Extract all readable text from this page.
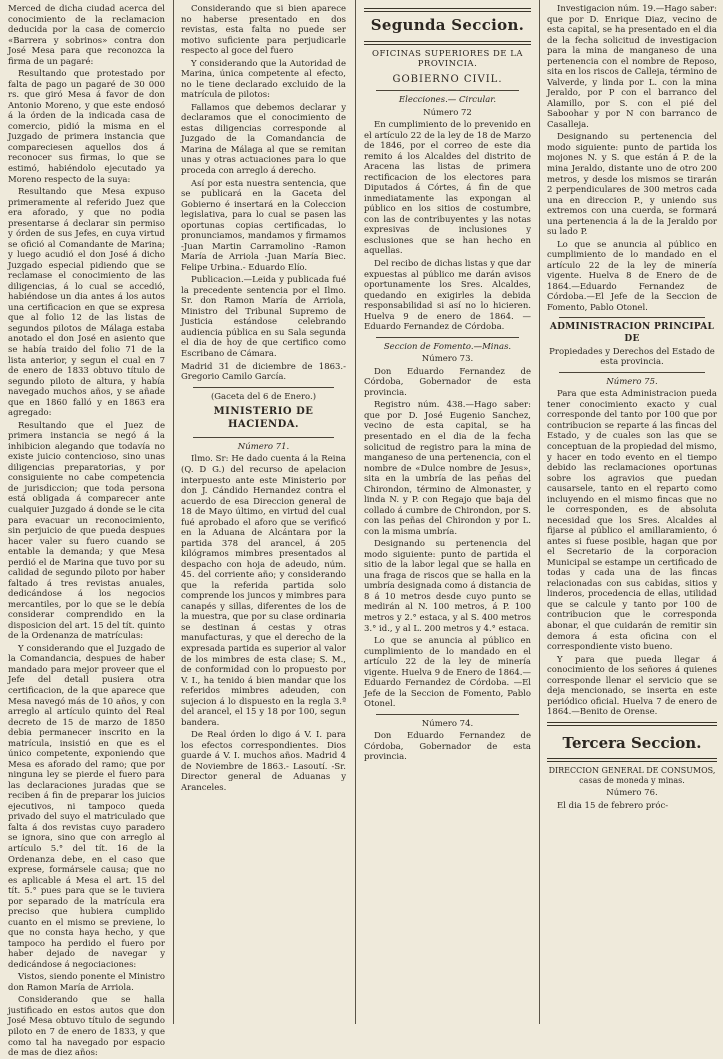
Merced de dicha ciudad acerca del conocimiento de la reclamacion deducida por la casa de comercio «Barrera y sobrinos» contra don José Mesa para que reconozca la firma de un pagaré:

Resultando que protestado por falta de pago un pagaré de 30 000 rs. que giró Mesa á favor de don Antonio Moreno, y que este endosó á la órden de la indicada casa de comercio, pidió la misma en el Juzgado de primera instancia que compareciesen aquellos dos á reconocer sus firmas, lo que se estimó, habiéndolo ejecutado ya Moreno respecto de la suya:

Resultando que Mesa expuso primeramente al referido Juez que era aforado, y que no podia presentarse á declarar sin permiso y órden de sus Jefes, en cuya virtud se ofició al Comandante de Marina; y luego acudió el don José á dicho Juzgado especial pidiendo que se reclamase el conocimiento de las diligencias, á lo cual se accedió, habiéndose un dia antes á los autos una certificacion en que se expresa que al folio 12 de las listas de segundos pilotos de Málaga estaba anotado el don José en asiento que se había traido del folio 71 de la lista anterior, y segun el cual en 7 de enero de 1833 obtuvo título de segundo piloto de altura, y había navegado muchos años, y se añade que en 1860 falló y en 1863 era agregado:

Resultando que el Juez de primera instancia se negó á la inhibicion alegando que todavía no existe juicio contencioso, sino unas diligencias preparatorias, y por consiguiente no cabe competencia de jurisdiccion; que toda persona está obligada á comparecer ante cualquier Juzgado á donde se le cita para evacuar un reconocimiento, sin perjuicio de que pueda despues hacer valer su fuero cuando se entable la demanda; y que Mesa perdió el de Marina que tuvo por su calidad de segundo piloto por haber faltado á tres revistas anuales, dedicándose á los negocios mercantiles, por lo que se le debía considerar comprendido en la disposicion del art. 15 del tít. quinto de la Ordenanza de matrículas:

Y considerando que el Juzgado de la Comandancia, despues de haber mandado para mejor proveer que el Jefe del detall pusiera otra certificacion, de la que aparece que Mesa navegó más de 10 años, y con arreglo al artículo quinto del Real decreto de 15 de marzo de 1850 debia permanecer inscrito en la matrícula, insistió en que es el único competente, exponiendo que Mesa es aforado del ramo; que por ninguna ley se pierde el fuero para las declaraciones juradas que se reciben á fin de preparar los juicios ejecutivos, ni tampoco queda privado del suyo el matriculado que falta á dos revistas cuyo paradero se ignora, sino que con arreglo al artículo 5.° del tít. 16 de la Ordenanza debe, en el caso que exprese, formársele causa; que no es aplicable á Mesa el art. 15 del tít. 5.° pues para que se le tuviera por separado de la matrícula era preciso que hubiera cumplido cuanto en el mismo se previene, lo que no consta haya hecho, y que tampoco ha perdido el fuero por haber dejado de navegar y dedicándose á negociaciones:

Vistos, siendo ponente el Ministro don Ramon María de Arriola.

Considerando que se halla justificado en estos autos que don José Mesa obtuvo título de segundo piloto en 7 de enero de 1833, y que como tal ha navegado por espacio de mas de diez años:

Considerando que si bien aparece no haberse presentado en dos revistas, esta falta no puede ser motivo suficiente para perjudicarle respecto al goce del fuero

Y considerando que la Autoridad de Marina, única competente al efecto, no le tiene declarado excluido de la matrícula de pilotos:

Fallamos que debemos declarar y declaramos que el conocimiento de estas diligencias corresponde al Juzgado de la Comandancia de Marina de Málaga al que se remitan unas y otras actuaciones para lo que proceda con arreglo á derecho.

Así por esta nuestra sentencia, que se publicará en la Gaceta del Gobierno é insertará en la Coleccion legislativa, para lo cual se pasen las oportunas copias certificadas, lo pronunciamos, mandamos y firmamos -Juan Martin Carramolino -Ramon María de Arriola -Juan María Biec. Felipe Urbina.- Eduardo Elío.

Publicacion.—Leida y publicada fué la precedente sentencia por el Ilmo. Sr. don Ramon María de Arriola, Ministro del Tribunal Supremo de Justicia estándose celebrando audiencia pública en su Sala segunda el dia de hoy de que certifico como Escribano de Cámara.

Madrid 31 de diciembre de 1863.- Gregorio Camilo García.

(Gaceta del 6 de Enero.)

MINISTERIO DE HACIENDA.

Número 71.

Ilmo. Sr: He dado cuenta á la Reina (Q. D G.) del recurso de apelacion interpuesto ante este Ministerio por don J. Cándido Hernandez contra el acuerdo de esa Direccion general de 18 de Mayo último, en virtud del cual fué aprobado el aforo que se verificó en la Aduana de Alcántara por la partida 378 del arancel, á 205 kilógramos mimbres presentados al despacho con hoja de adeudo, núm. 45. del corriente año; y considerando que la referida partida solo comprende los juncos y mimbres para canapés y sillas, diferentes de los de la muestra, que por su clase ordinaria se destinan á cestas y otras manufacturas, y que el derecho de la expresada partida es superior al valor de los mimbres de esta clase; S. M., de conformidad con lo propuesto por V. I., ha tenido á bien mandar que los referidos mimbres adeuden, con sujecion á lo dispuesto en la regla 3.ª del arancel, el 15 y 18 por 100, segun bandera.

De Real órden lo digo á V. I. para los efectos correspondientes. Dios guarde á V. I. muchos años. Madrid 4 de Noviembre de 1863.- Lasoutí. -Sr. Director general de Aduanas y Aranceles.

Segunda Seccion.
OFICINAS SUPERIORES DE LA PROVINCIA.
GOBIERNO CIVIL.

Elecciones.— Circular.

Número 72

En cumplimiento de lo prevenido en el artículo 22 de la ley de 18 de Marzo de 1846, por el correo de este dia remito á los Alcaldes del distrito de Aracena las listas de primera rectificacion de los electores para Diputados á Córtes, á fin de que inmediatamente las expongan al público en los sitios de costumbre, con las de contribuyentes y las notas expresivas de inclusiones y esclusiones que se han hecho en aquellas.

Del recibo de dichas listas y que dar expuestas al público me darán avisos oportunamente los Sres. Alcaldes, quedando en exigirles la debida responsabilidad si así no lo hicieren. Huelva 9 de enero de 1864. —Eduardo Fernandez de Córdoba.

Seccion de Fomento.—Minas.

Número 73.

Don Eduardo Fernandez de Córdoba, Gobernador de esta provincia.

Registro núm. 438.—Hago saber: que por D. José Eugenio Sanchez, vecino de esta capital, se ha presentado en el dia de la fecha solicitud de registro para la mina de manganeso de una pertenencia, con el nombre de «Dulce nombre de Jesus», sita en la umbría de las peñas del Chirondon, término de Almonaster, y linda N. y P. con Regajo que baja del collado á cumbre de Chirondon, por S. con las peñas del Chirondon y por L. con la misma umbría.

Designando su pertenencia del modo siguiente: punto de partida el sitio de la labor legal que se halla en una fraga de riscos que se halla en la umbría designada como á distancia de 8 á 10 metros desde cuyo punto se medirán al N. 100 metros, á P. 100 metros y 2.° estaca, y al S. 400 metros 3.° id., y al L. 200 metros y 4.° estaca.

Lo que se anuncia al público en cumplimiento de lo mandado en el artículo 22 de la ley de minería vigente. Huelva 9 de Enero de 1864.—Eduardo Fernandez de Córdoba. —El Jefe de la Seccion de Fomento, Pablo Otonel.

Número 74.

Don Eduardo Fernandez de Córdoba, Gobernador de esta provincia.

Investigacion núm. 19.—Hago saber: que por D. Enrique Diaz, vecino de esta capital, se ha presentado en el dia de la fecha solicitud de investigacion para la mina de manganeso de una pertenencia con el nombre de Reposo, sita en los riscos de Calleja, término de Valverde, y linda por L. con la mina Jeraldo, por P con el barranco del Alamillo, por S. con el pié del Saboohar y por N con barranco de Casalleja.

Designando su pertenencia del modo siguiente: punto de partida los mojones N. y S. que están á P. de la mina Jeraldo, distante uno de otro 200 metros, y desde los mismos se tirarán 2 perpendiculares de 300 metros cada una en direccion P., y uniendo sus extremos con una cuerda, se formará una pertenencia á la de la Jeraldo por su lado P.

Lo que se anuncia al público en cumplimiento de lo mandado en el artículo 22 de la ley de minería vigente. Huelva 8 de Enero de de 1864.—Eduardo Fernandez de Córdoba.—El Jefe de la Seccion de Fomento, Pablo Otonel.

ADMINISTRACION PRINCIPAL DE

Propiedades y Derechos del Estado de esta provincia.

Número 75.

Para que esta Administracion pueda tener conocimiento exacto y cual corresponde del tanto por 100 que por contribucion se reparte á las fincas del Estado, y de cuales son las que se conceptuan de la propiedad del mismo, y hacer en todo evento en el tiempo debido las reclamaciones oportunas sobre los agravios que puedan causarsele, tanto en el reparto como incluyendo en el mismo fincas que no le corresponden, es de absoluta necesidad que los Sres. Alcaldes al fijarse al público el amillaramiento, ó antes si fuese posible, hagan que por el Secretario de la corporacion Municipal se estampe un certificado de todas y cada una de las fincas relacionadas con sus cabidas, sitios y linderos, procedencia de ellas, utilidad que se calcule y tanto por 100 de contribucion que le corresponda abonar, el que cuidarán de remitir sin demora á esta oficina con el correspondiente visto bueno.

Y para que pueda llegar á conocimiento de los señores á quienes corresponde llenar el servicio que se deja mencionado, se inserta en este periódico oficial. Huelva 7 de enero de 1864.—Benito de Orense.

Tercera Seccion.

DIRECCION GENERAL DE CONSUMOS, casas de moneda y minas.

Número 76.

El dia 15 de febrero próc-
